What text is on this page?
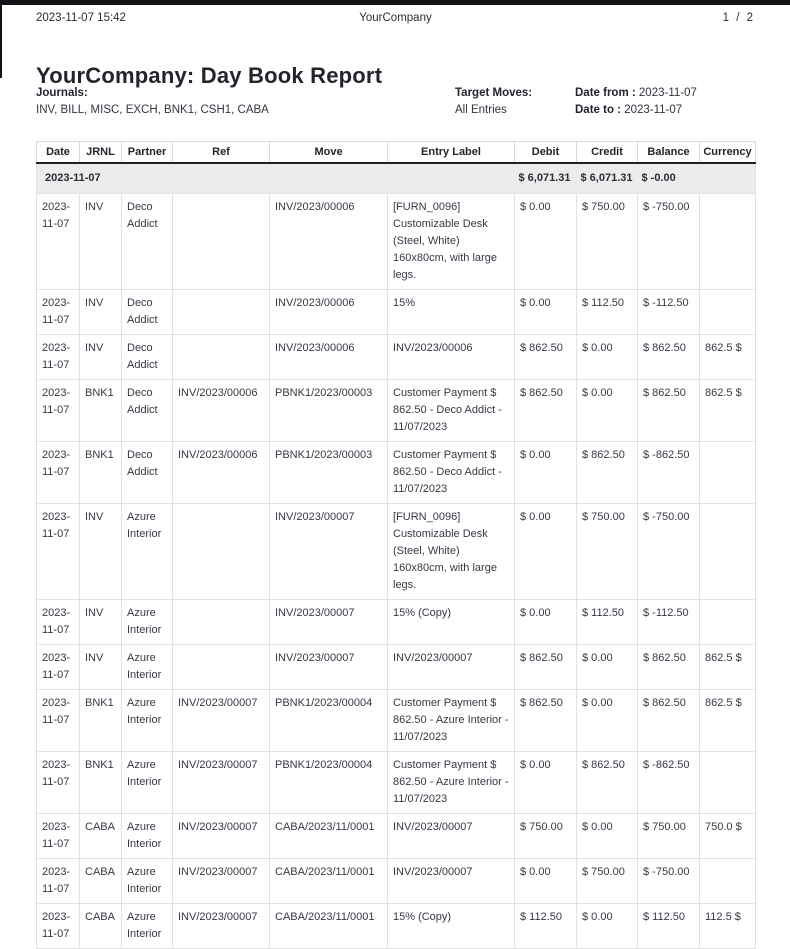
2023-11-07 15:42	YourCompany	1 / 2
YourCompany: Day Book Report
Journals:
INV, BILL, MISC, EXCH, BNK1, CSH1, CABA
Target Moves:
All Entries
Date from : 2023-11-07
Date to : 2023-11-07
Date	JRNL	Partner	Ref	Move	Entry Label	Debit	Credit	Balance	Currency
2023-11-07						$ 6,071.31	$ 6,071.31	$ -0.00	
2023-11-07	INV	Deco Addict		INV/2023/00006	[FURN_0096] Customizable Desk (Steel, White) 160x80cm, with large legs.	$ 0.00	$ 750.00	$ -750.00	
2023-11-07	INV	Deco Addict		INV/2023/00006	15%	$ 0.00	$ 112.50	$ -112.50	
2023-11-07	INV	Deco Addict		INV/2023/00006	INV/2023/00006	$ 862.50	$ 0.00	$ 862.50	862.5 $
2023-11-07	BNK1	Deco Addict	INV/2023/00006	PBNK1/2023/00003	Customer Payment $ 862.50 - Deco Addict - 11/07/2023	$ 862.50	$ 0.00	$ 862.50	862.5 $
2023-11-07	BNK1	Deco Addict	INV/2023/00006	PBNK1/2023/00003	Customer Payment $ 862.50 - Deco Addict - 11/07/2023	$ 0.00	$ 862.50	$ -862.50	
2023-11-07	INV	Azure Interior		INV/2023/00007	[FURN_0096] Customizable Desk (Steel, White) 160x80cm, with large legs.	$ 0.00	$ 750.00	$ -750.00	
2023-11-07	INV	Azure Interior		INV/2023/00007	15% (Copy)	$ 0.00	$ 112.50	$ -112.50	
2023-11-07	INV	Azure Interior		INV/2023/00007	INV/2023/00007	$ 862.50	$ 0.00	$ 862.50	862.5 $
2023-11-07	BNK1	Azure Interior	INV/2023/00007	PBNK1/2023/00004	Customer Payment $ 862.50 - Azure Interior - 11/07/2023	$ 862.50	$ 0.00	$ 862.50	862.5 $
2023-11-07	BNK1	Azure Interior	INV/2023/00007	PBNK1/2023/00004	Customer Payment $ 862.50 - Azure Interior - 11/07/2023	$ 0.00	$ 862.50	$ -862.50	
2023-11-07	CABA	Azure Interior	INV/2023/00007	CABA/2023/11/0001	INV/2023/00007	$ 750.00	$ 0.00	$ 750.00	750.0 $
2023-11-07	CABA	Azure Interior	INV/2023/00007	CABA/2023/11/0001	INV/2023/00007	$ 0.00	$ 750.00	$ -750.00	
2023-11-07	CABA	Azure Interior	INV/2023/00007	CABA/2023/11/0001	15% (Copy)	$ 112.50	$ 0.00	$ 112.50	112.5 $
